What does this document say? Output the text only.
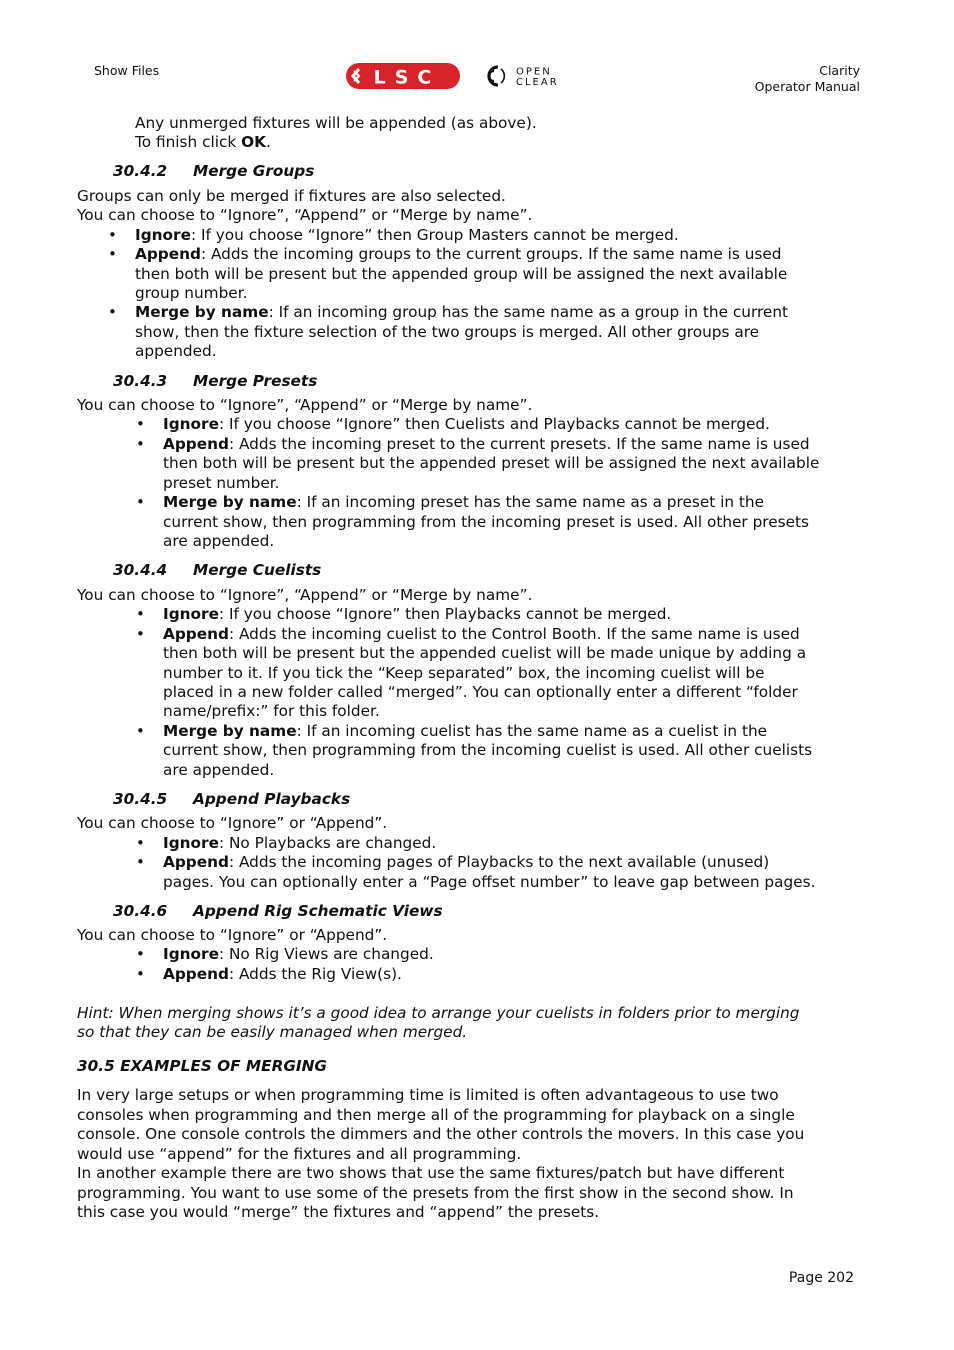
Show Files	LSC	OPEN
CLEAR
Clarity
Operator Manual
Any unmerged fixtures will be appended (as above).
To finish click OK.
30.4.2 Merge Groups
Groups can only be merged if fixtures are also selected.
You can choose to “Ignore”, “Append” or “Merge by name”.
• Ignore: If you choose “Ignore” then Group Masters cannot be merged.
• Append: Adds the incoming groups to the current groups. If the same name is used
then both will be present but the appended group will be assigned the next available
group number.
• Merge by name: If an incoming group has the same name as a group in the current
show, then the fixture selection of the two groups is merged. All other groups are
appended.
30.4.3 Merge Presets
You can choose to “Ignore”, “Append” or “Merge by name”.
• Ignore: If you choose “Ignore” then Cuelists and Playbacks cannot be merged.
• Append: Adds the incoming preset to the current presets. If the same name is used
then both will be present but the appended preset will be assigned the next available
preset number.
• Merge by name: If an incoming preset has the same name as a preset in the
current show, then programming from the incoming preset is used. All other presets
are appended.
30.4.4 Merge Cuelists
You can choose to “Ignore”, “Append” or “Merge by name”.
• Ignore: If you choose “Ignore” then Playbacks cannot be merged.
• Append: Adds the incoming cuelist to the Control Booth. If the same name is used
then both will be present but the appended cuelist will be made unique by adding a
number to it. If you tick the “Keep separated” box, the incoming cuelist will be
placed in a new folder called “merged”. You can optionally enter a different “folder
name/prefix:” for this folder.
• Merge by name: If an incoming cuelist has the same name as a cuelist in the
current show, then programming from the incoming cuelist is used. All other cuelists
are appended.
30.4.5 Append Playbacks
You can choose to “Ignore” or “Append”.
• Ignore: No Playbacks are changed.
• Append: Adds the incoming pages of Playbacks to the next available (unused)
pages. You can optionally enter a “Page offset number” to leave gap between pages.
30.4.6 Append Rig Schematic Views
You can choose to “Ignore” or “Append”.
• Ignore: No Rig Views are changed.
• Append: Adds the Rig View(s).
Hint: When merging shows it’s a good idea to arrange your cuelists in folders prior to merging
so that they can be easily managed when merged.
30.5 EXAMPLES OF MERGING
In very large setups or when programming time is limited is often advantageous to use two
consoles when programming and then merge all of the programming for playback on a single
console. One console controls the dimmers and the other controls the movers. In this case you
would use “append” for the fixtures and all programming.
In another example there are two shows that use the same fixtures/patch but have different
programming. You want to use some of the presets from the first show in the second show. In
this case you would “merge” the fixtures and “append” the presets.
Page 202
